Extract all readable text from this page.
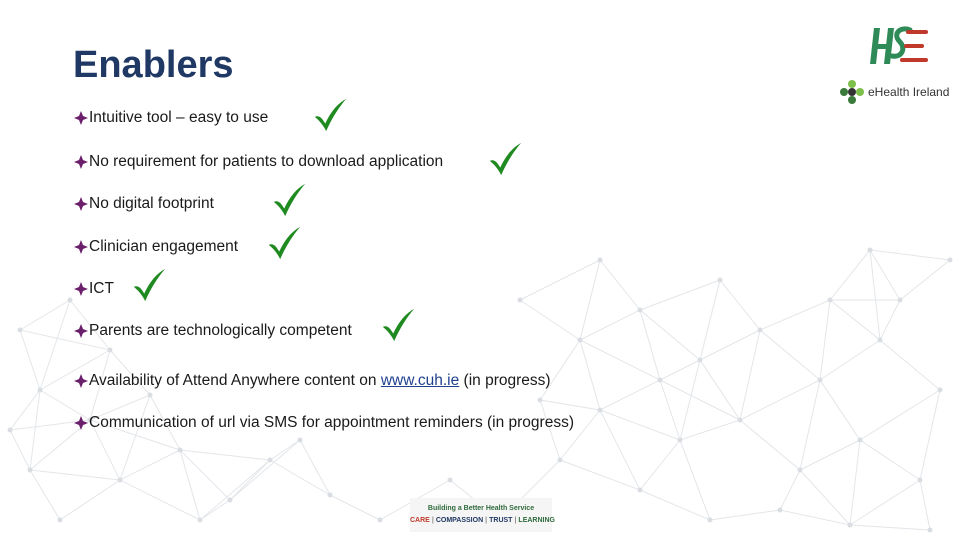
Enablers
Intuitive tool – easy to use
No requirement for patients to download application
No digital footprint
Clinician engagement
ICT
Parents are technologically competent
Availability of Attend Anywhere content on www.cuh.ie (in progress)
Communication of url via SMS for appointment reminders (in progress)
eHealth Ireland
Building a Better Health Service
CARE | COMPASSION | TRUST | LEARNING
